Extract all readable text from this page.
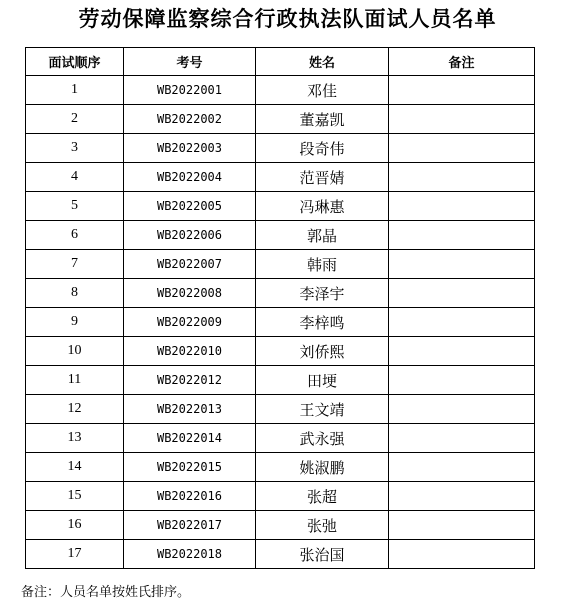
劳动保障监察综合行政执法队面试人员名单
面试顺序	考号	姓名	备注
1	WB2022001	邓佳	
2	WB2022002	董嘉凯	
3	WB2022003	段奇伟	
4	WB2022004	范晋婧	
5	WB2022005	冯琳惠	
6	WB2022006	郭晶	
7	WB2022007	韩雨	
8	WB2022008	李泽宇	
9	WB2022009	李梓鸣	
10	WB2022010	刘侨熙	
11	WB2022012	田埂	
12	WB2022013	王文靖	
13	WB2022014	武永强	
14	WB2022015	姚淑鹏	
15	WB2022016	张超	
16	WB2022017	张弛	
17	WB2022018	张治国	
备注：人员名单按姓氏排序。
